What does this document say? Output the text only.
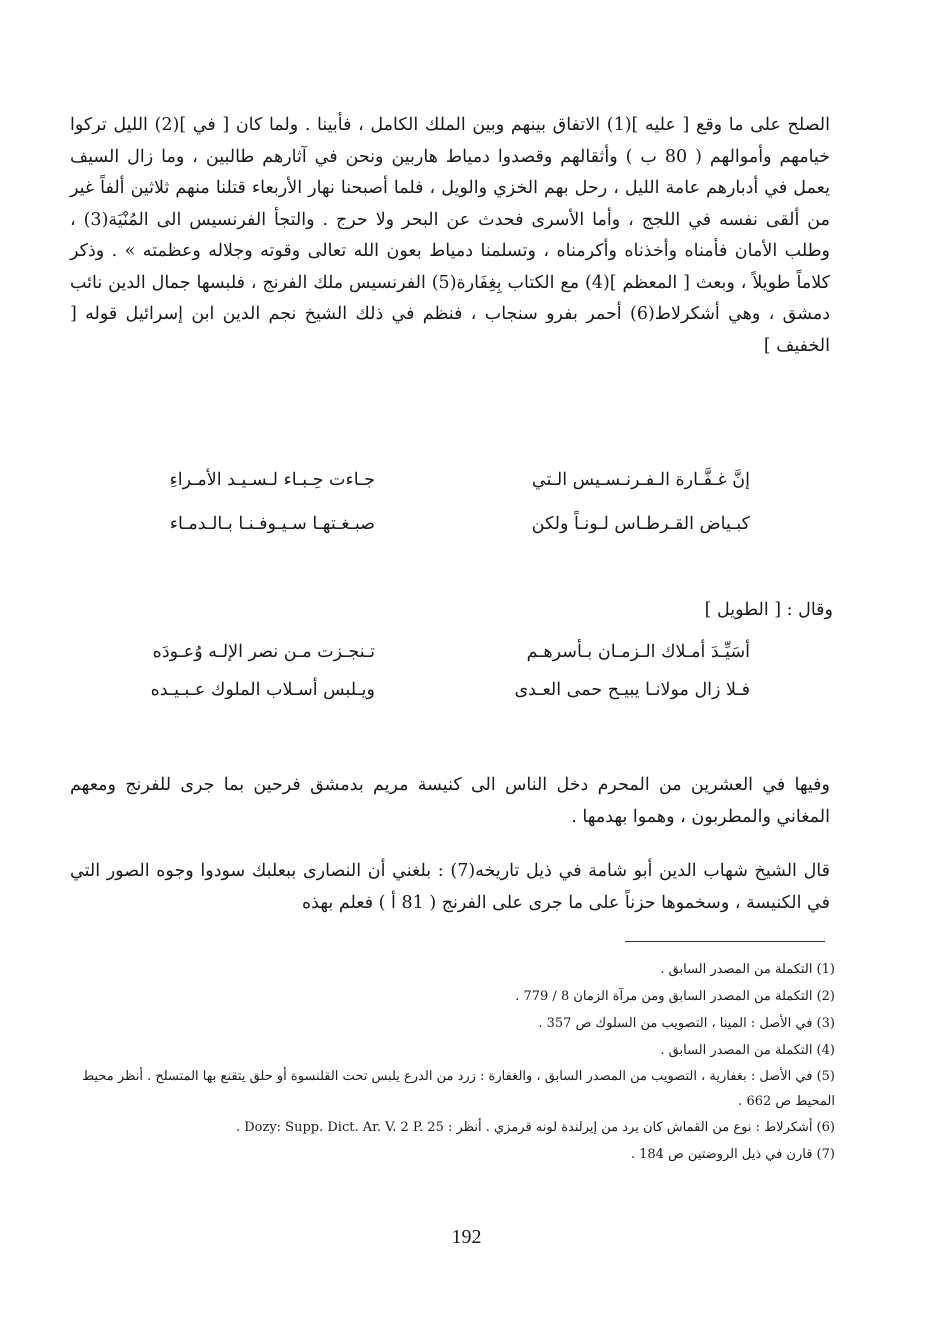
الصلح على ما وقع [ عليه ](1) الاتفاق بينهم وبين الملك الكامل ، فأبينا . ولما كان [ في ](2) الليل تركوا خيامهم وأموالهم ( 80 ب ) وأثقالهم وقصدوا دمياط هاربين ونحن في آثارهم طالبين ، وما زال السيف يعمل في أدبارهم عامة الليل ، رحل بهم الخزي والويل ، فلما أصبحنا نهار الأربعاء قتلنا منهم ثلاثين ألفاً غير من ألقى نفسه في اللجج ، وأما الأسرى فحدث عن البحر ولا حرج . والتجأ الفرنسيس الى المُنْيَة(3) ، وطلب الأمان فأمناه وأخذناه وأكرمناه ، وتسلمنا دمياط بعون الله تعالى وقوته وجلاله وعظمته » . وذكر كلاماً طويلاً ، وبعث [ المعظم ](4) مع الكتاب بِغِفَارة(5) الفرنسيس ملك الفرنج ، فلبسها جمال الدين نائب دمشق ، وهي أشكرلاط(6) أحمر بفرو سنجاب ، فنظم في ذلك الشيخ نجم الدين ابن إسرائيل قوله [ الخفيف ]

إنَّ غـفَّـارة الـفـرنـسـيس الـتي
جـاءت حِـبـاء لـسـيـد الأمـراءِ
كبـياض القـرطـاس لـونـاً ولكن
صبـغـتهـا سـيـوفـنـا بـالـدمـاء
وقال : [ الطويل ]
أسَيِّـدَ أمـلاك الـزمـان بـأسرهـم
تـنجـزت مـن نصر الإلـه وُعـودَه
فـلا زال مولانـا يبيـح حمى العـدى
ويـلبس أسـلاب الملوك عـبـيـده

وفيها في العشرين من المحرم دخل الناس الى كنيسة مريم بدمشق فرحين بما جرى للفرنج ومعهم المغاني والمطربون ، وهموا بهدمها .

قال الشيخ شهاب الدين أبو شامة في ذيل تاريخه(7) : بلغني أن النصارى ببعلبك سودوا وجوه الصور التي في الكنيسة ، وسخموها حزناً على ما جرى على الفرنج ( 81 أ ) فعلم بهذه

(1) التكملة من المصدر السابق .

(2) التكملة من المصدر السابق ومن مرآة الزمان 8 / 779 .

(3) في الأصل : المينا ، التصويب من السلوك ص 357 .

(4) التكملة من المصدر السابق .

(5) في الأصل : بغفارية ، التصويب من المصدر السابق ، والغفارة : زرد من الدرع يلبس تحت القلنسوة أو حلق يتقنع بها المتسلح . أنظر محيط المحيط ص 662 .

(6) أشكرلاط : نوع من القماش كان يرد من إيرلندة لونه قرمزي . أنظر : Dozy: Supp. Dict. Ar. V. 2 P. 25 .

(7) قارن في ذيل الروضتين ص 184 .

192
